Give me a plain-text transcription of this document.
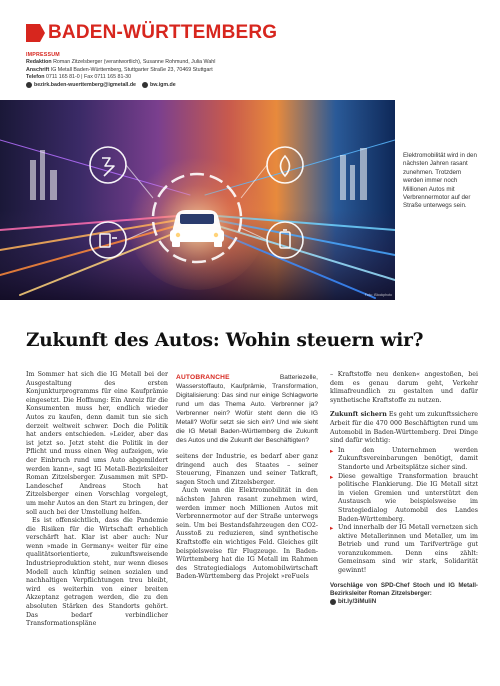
BADEN-WÜRTTEMBERG
IMPRESSUM
Redaktion Roman Zitzelsberger (verantwortlich), Susanne Rohmund, Julia Wahl
Anschrift IG Metall Baden-Württemberg, Stuttgarter Straße 23, 70469 Stuttgart
Telefon 0711 165 81-0 | Fax 0711 165 81-30
bezirk.baden-wuerttemberg@igmetall.de	bw.igm.de
Foto: iStockphoto
Elektromobilität wird in den nächsten Jahren rasant zunehmen. Trotzdem werden immer noch Millionen Autos mit Verbrennermotor auf der Straße unterwegs sein.
Zukunft des Autos: Wohin steuern wir?

Im Sommer hat sich die IG Metall bei der Ausgestaltung des ersten Konjunkturprogramms für eine Kaufprämie eingesetzt. Die Hoffnung: Ein Anreiz für die Konsumenten muss her, endlich wieder Autos zu kaufen, denn damit tun sie sich derzeit weltweit schwer. Doch die Politik hat anders entschieden. »Leider, aber das ist jetzt so. Jetzt steht die Politik in der Pflicht und muss einen Weg aufzeigen, wie der Einbruch rund ums Auto abgemildert werden kann«, sagt IG Metall-Bezirksleiter Roman Zitzelsberger. Zusammen mit SPD-Landeschef Andreas Stoch hat Zitzelsberger einen Vorschlag vorgelegt, um mehr Autos an den Start zu bringen, der soll auch bei der Umstellung helfen.

Es ist offensichtlich, dass die Pandemie die Risiken für die Wirtschaft erheblich verschärft hat. Klar ist aber auch: Nur wenn »made in Germany« weiter für eine qualitätsorientierte, zukunftsweisende Industrieproduktion steht, nur wenn dieses Modell auch künftig seinen sozialen und nachhaltigen Verpflichtungen treu bleibt, wird es weiterhin von einer breiten Akzeptanz getragen werden, die zu den absoluten Stärken des Standorts gehört. Das bedarf verbindlicher Transformationspläne

AUTOBRANCHE	Batteriezelle, Wasserstoffauto, Kaufprämie, Transformation, Digitalisierung: Das sind nur einige Schlagworte rund um das Thema Auto. Verbrenner ja? Verbrenner nein? Wofür steht denn die IG Metall? Wofür setzt sie sich ein? Und wie sieht die IG Metall Baden-Württemberg die Zukunft des Autos und die Zukunft der Beschäftigten?

seitens der Industrie, es bedarf aber ganz dringend auch des Staates – seiner Steuerung, Finanzen und seiner Tatkraft, sagen Stoch und Zitzelsberger.

Auch wenn die Elektromobilität in den nächsten Jahren rasant zunehmen wird, werden immer noch Millionen Autos mit Verbrennermotor auf der Straße unterwegs sein. Um bei Bestandsfahrzeugen den CO2-Ausstoß zu reduzieren, sind synthetische Kraftstoffe ein wichtiges Feld. Gleiches gilt beispielsweise für Flugzeuge. In Baden-Württemberg hat die IG Metall im Rahmen des Strategiedialogs Automobilwirtschaft Baden-Württemberg das Projekt »reFuels

– Kraftstoffe neu denken« angestoßen, bei dem es genau darum geht, Verkehr klimafreundlich zu gestalten und dafür synthetische Kraftstoffe zu nutzen.

Zukunft sichern Es geht um zukunftssichere Arbeit für die 470 000 Beschäftigten rund um Automobil in Baden-Württemberg. Drei Dinge sind dafür wichtig:

▸ In den Unternehmen werden Zukunftsvereinbarungen benötigt, damit Standorte und Arbeitsplätze sicher sind.
▸ Diese gewaltige Transformation braucht politische Flankierung. Die IG Metall sitzt in vielen Gremien und unterstützt den Austausch wie beispielsweise im Strategiedialog Automobil des Landes Baden-Württemberg.
▸ Und innerhalb der IG Metall vernetzen sich aktive Metallerinnen und Metaller, um im Betrieb und rund um Tarifverträge gut voranzukommen. Denn eins zählt: Gemeinsam sind wir stark, Solidarität gewinnt!
Vorschläge von SPD-Chef Stoch und IG Metall-Bezirksleiter Roman Zitzelsberger:
bit.ly/3iMuliN
